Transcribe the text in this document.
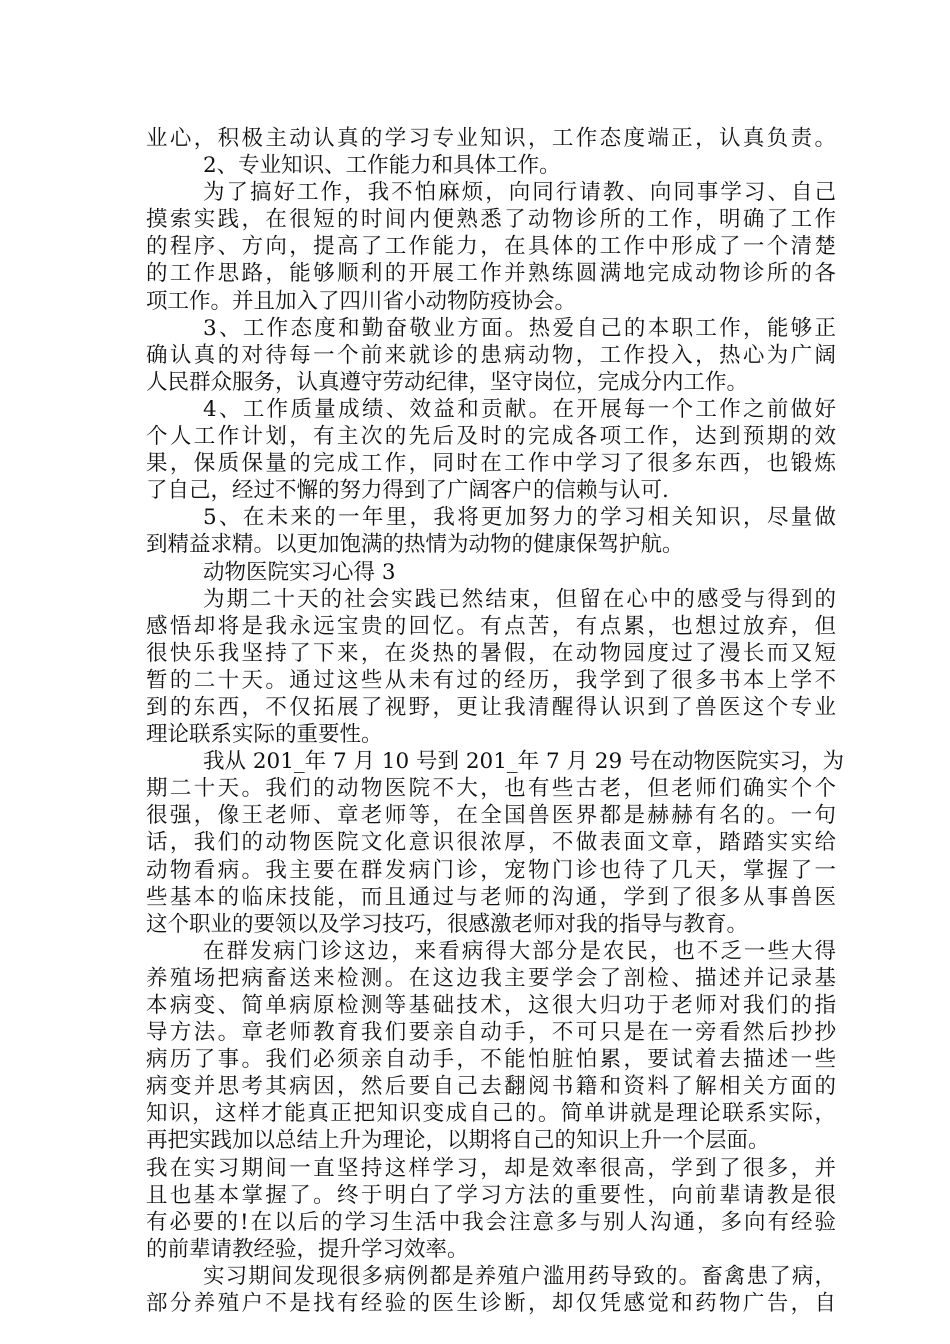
业心，积极主动认真的学习专业知识，工作态度端正，认真负责。
2、专业知识、工作能力和具体工作。
为了搞好工作，我不怕麻烦，向同行请教、向同事学习、自己
摸索实践，在很短的时间内便熟悉了动物诊所的工作，明确了工作
的程序、方向，提高了工作能力，在具体的工作中形成了一个清楚
的工作思路，能够顺利的开展工作并熟练圆满地完成动物诊所的各
项工作。并且加入了四川省小动物防疫协会。
3、工作态度和勤奋敬业方面。热爱自己的本职工作，能够正
确认真的对待每一个前来就诊的患病动物，工作投入，热心为广阔
人民群众服务，认真遵守劳动纪律，坚守岗位，完成分内工作。
4、工作质量成绩、效益和贡献。在开展每一个工作之前做好
个人工作计划，有主次的先后及时的完成各项工作，达到预期的效
果，保质保量的完成工作，同时在工作中学习了很多东西，也锻炼
了自己，经过不懈的努力得到了广阔客户的信赖与认可.
5、在未来的一年里，我将更加努力的学习相关知识，尽量做
到精益求精。以更加饱满的热情为动物的健康保驾护航。
动物医院实习心得 3
为期二十天的社会实践已然结束，但留在心中的感受与得到的
感悟却将是我永远宝贵的回忆。有点苦，有点累，也想过放弃，但
很快乐我坚持了下来，在炎热的暑假，在动物园度过了漫长而又短
暂的二十天。通过这些从未有过的经历，我学到了很多书本上学不
到的东西，不仅拓展了视野，更让我清醒得认识到了兽医这个专业
理论联系实际的重要性。
我从 201_年 7 月 10 号到 201_年 7 月 29 号在动物医院实习，为
期二十天。我们的动物医院不大，也有些古老，但老师们确实个个
很强，像王老师、章老师等，在全国兽医界都是赫赫有名的。一句
话，我们的动物医院文化意识很浓厚，不做表面文章，踏踏实实给
动物看病。我主要在群发病门诊，宠物门诊也待了几天，掌握了一
些基本的临床技能，而且通过与老师的沟通，学到了很多从事兽医
这个职业的要领以及学习技巧，很感激老师对我的指导与教育。
在群发病门诊这边，来看病得大部分是农民，也不乏一些大得
养殖场把病畜送来检测。在这边我主要学会了剖检、描述并记录基
本病变、简单病原检测等基础技术，这很大归功于老师对我们的指
导方法。章老师教育我们要亲自动手，不可只是在一旁看然后抄抄
病历了事。我们必须亲自动手，不能怕脏怕累，要试着去描述一些
病变并思考其病因，然后要自己去翻阅书籍和资料了解相关方面的
知识，这样才能真正把知识变成自己的。简单讲就是理论联系实际，
再把实践加以总结上升为理论，以期将自己的知识上升一个层面。
我在实习期间一直坚持这样学习，却是效率很高，学到了很多，并
且也基本掌握了。终于明白了学习方法的重要性，向前辈请教是很
有必要的!在以后的学习生活中我会注意多与别人沟通，多向有经验
的前辈请教经验，提升学习效率。
实习期间发现很多病例都是养殖户滥用药导致的。畜禽患了病，
部分养殖户不是找有经验的医生诊断，却仅凭感觉和药物广告，自
